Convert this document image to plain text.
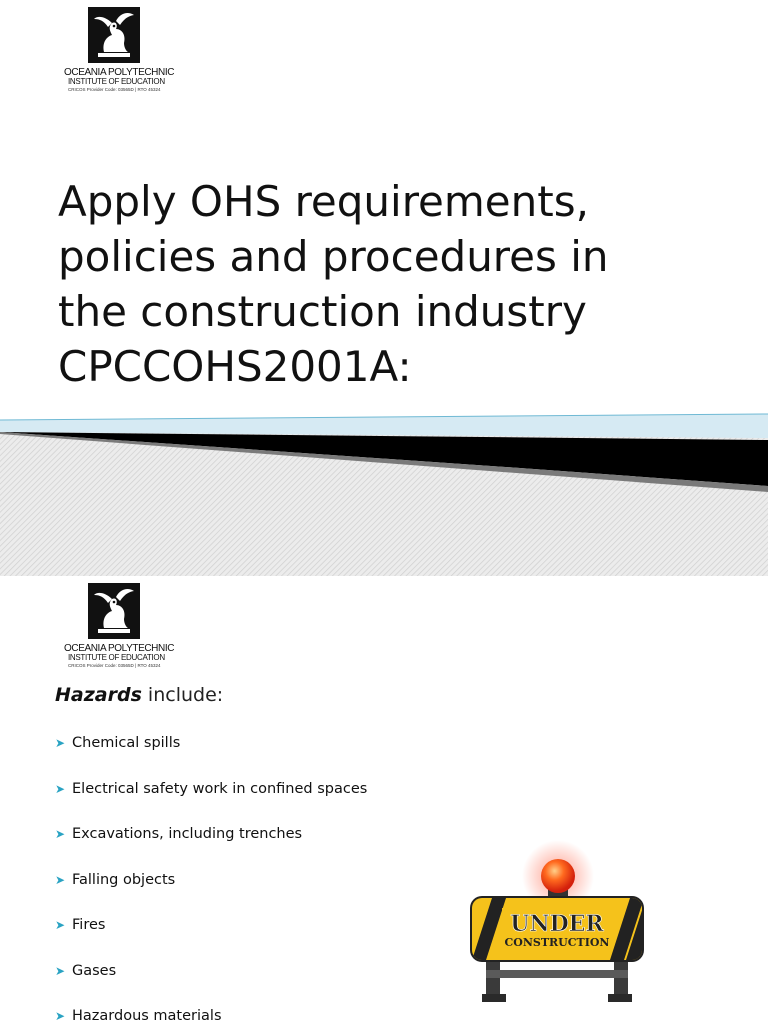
OCEANIA POLYTECHNIC
INSTITUTE OF EDUCATION
CRICOS Provider Code: 03565D | RTO 45324
Apply OHS requirements,
policies and procedures in
the construction industry
CPCCOHS2001A:
OCEANIA POLYTECHNIC
INSTITUTE OF EDUCATION
CRICOS Provider Code: 03565D | RTO 45324
Hazards include:
➤ Chemical spills
➤ Electrical safety work in confined spaces
➤ Excavations, including trenches
➤ Falling objects
➤ Fires
➤ Gases
➤ Hazardous materials
UNDER
CONSTRUCTION
